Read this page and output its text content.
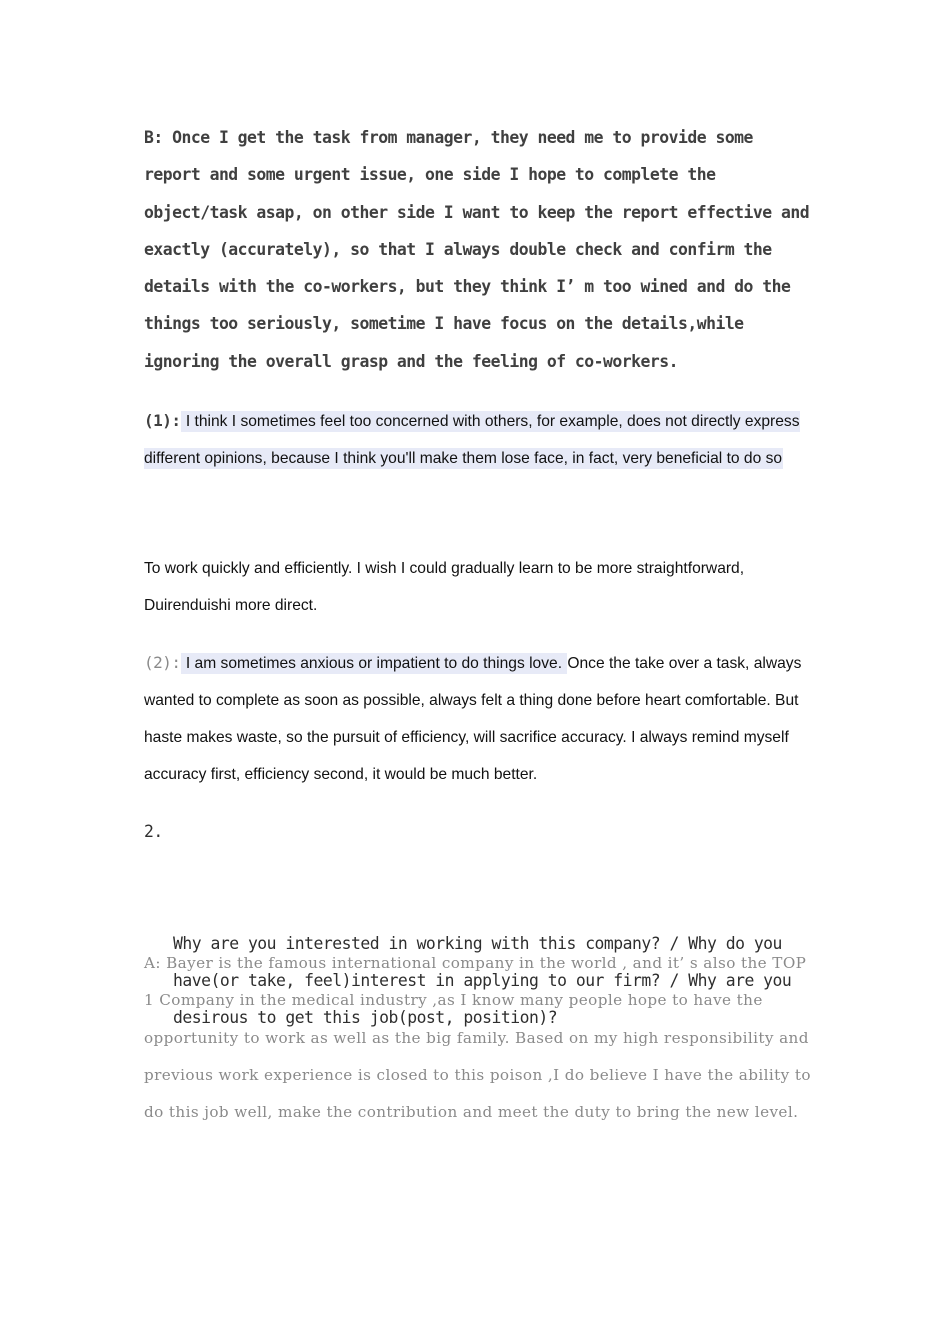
B: Once I get the task from manager, they need me to provide some report and some urgent issue, one side I hope to complete the object/task asap, on other side I want to keep the report effective and exactly (accurately), so that I always double check and confirm the details with the co-workers, but they think I’ m too wined and do the things too seriously, sometime I have focus on the details,while ignoring the overall grasp and the feeling of co-workers.

(1): I think I sometimes feel too concerned with others, for example, does not directly express different opinions, because I think you'll make them lose face, in fact, very beneficial to do so

To work quickly and efficiently. I wish I could gradually learn to be more straightforward, Duirenduishi more direct.

(2): I am sometimes anxious or impatient to do things love. Once the take over a task, always wanted to complete as soon as possible, always felt a thing done before heart comfortable. But haste makes waste, so the pursuit of efficiency, will sacrifice accuracy. I always remind myself accuracy first, efficiency second, it would be much better.

2.

Why are you interested in working with this company? / Why do you have(or take, feel)interest in applying to our firm? / Why are you desirous to get this job(post, position)?

A: Bayer is the famous international company in the world , and it’ s also the TOP 1 Company in the medical industry ,as I know many people hope to have the opportunity to work as well as the big family. Based on my high responsibility and previous work experience is closed to this poison ,I do believe I have the ability to do this job well, make the contribution and meet the duty to bring the new level.
